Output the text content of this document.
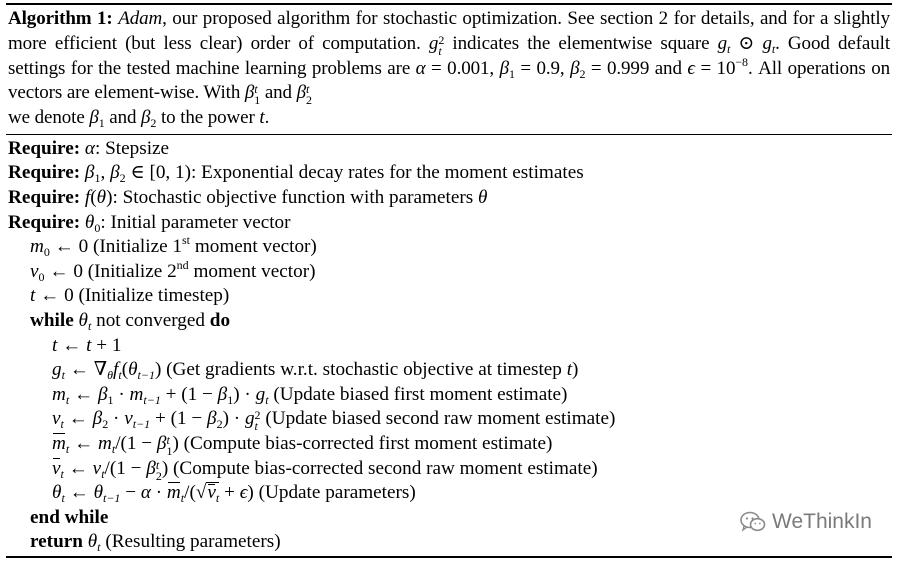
Algorithm 1: Adam, our proposed algorithm for stochastic optimization. See section 2 for details, and for a slightly more efficient (but less clear) order of computation. g 2
t indicates the elementwise square $g_t$ ⊙ $g_t$. Good default settings for the tested machine learning problems are α = 0.001, $\beta_1 = 0.9$, $\beta_2 = 0.999$ and $\epsilon = 10^{-8}$. All operations on vectors are element-wise. With β t
1 and β t
2

we denote $\beta_1$ and $\beta_2$ to the power t.
Require: α: Stepsize
Require: $\beta_1$, $\beta_2$ ∈ [0, 1): Exponential decay rates for the moment estimates
Require: f(θ): Stochastic objective function with parameters θ
Require: $\theta_0$: Initial parameter vector
$m_0$ ← 0 (Initialize 1st moment vector)
$v_0$ ← 0 (Initialize 2nd moment vector)
t ← 0 (Initialize timestep)
while $\theta_t$ not converged do
t ← t + 1
$g_t$ ← $\nabla_\theta f_t(\theta_{t-1})$ (Get gradients w.r.t. stochastic objective at timestep t)
$m_t$ ← $\beta_1 \cdot m_{t-1} + (1 - \beta_1) \cdot g_t$ (Update biased first moment estimate)
$v_t$ ← $\beta_2 \cdot v_{t-1} + (1 - \beta_2) \cdot g$ 2
t (Update biased second raw moment estimate)
$m_t$ ← $m_t/(1 - \beta$ t
1 ) (Compute bias-corrected first moment estimate)
$v_t$ ← $v_t/(1 - \beta$ t
2 ) (Compute bias-corrected second raw moment estimate)
$\theta_t$ ← $\theta_{t-1} - \alpha \cdot m_t/(√v_t + \epsilon)$ (Update parameters)
end while
return $\theta_t$ (Resulting parameters)
WeThinkIn
